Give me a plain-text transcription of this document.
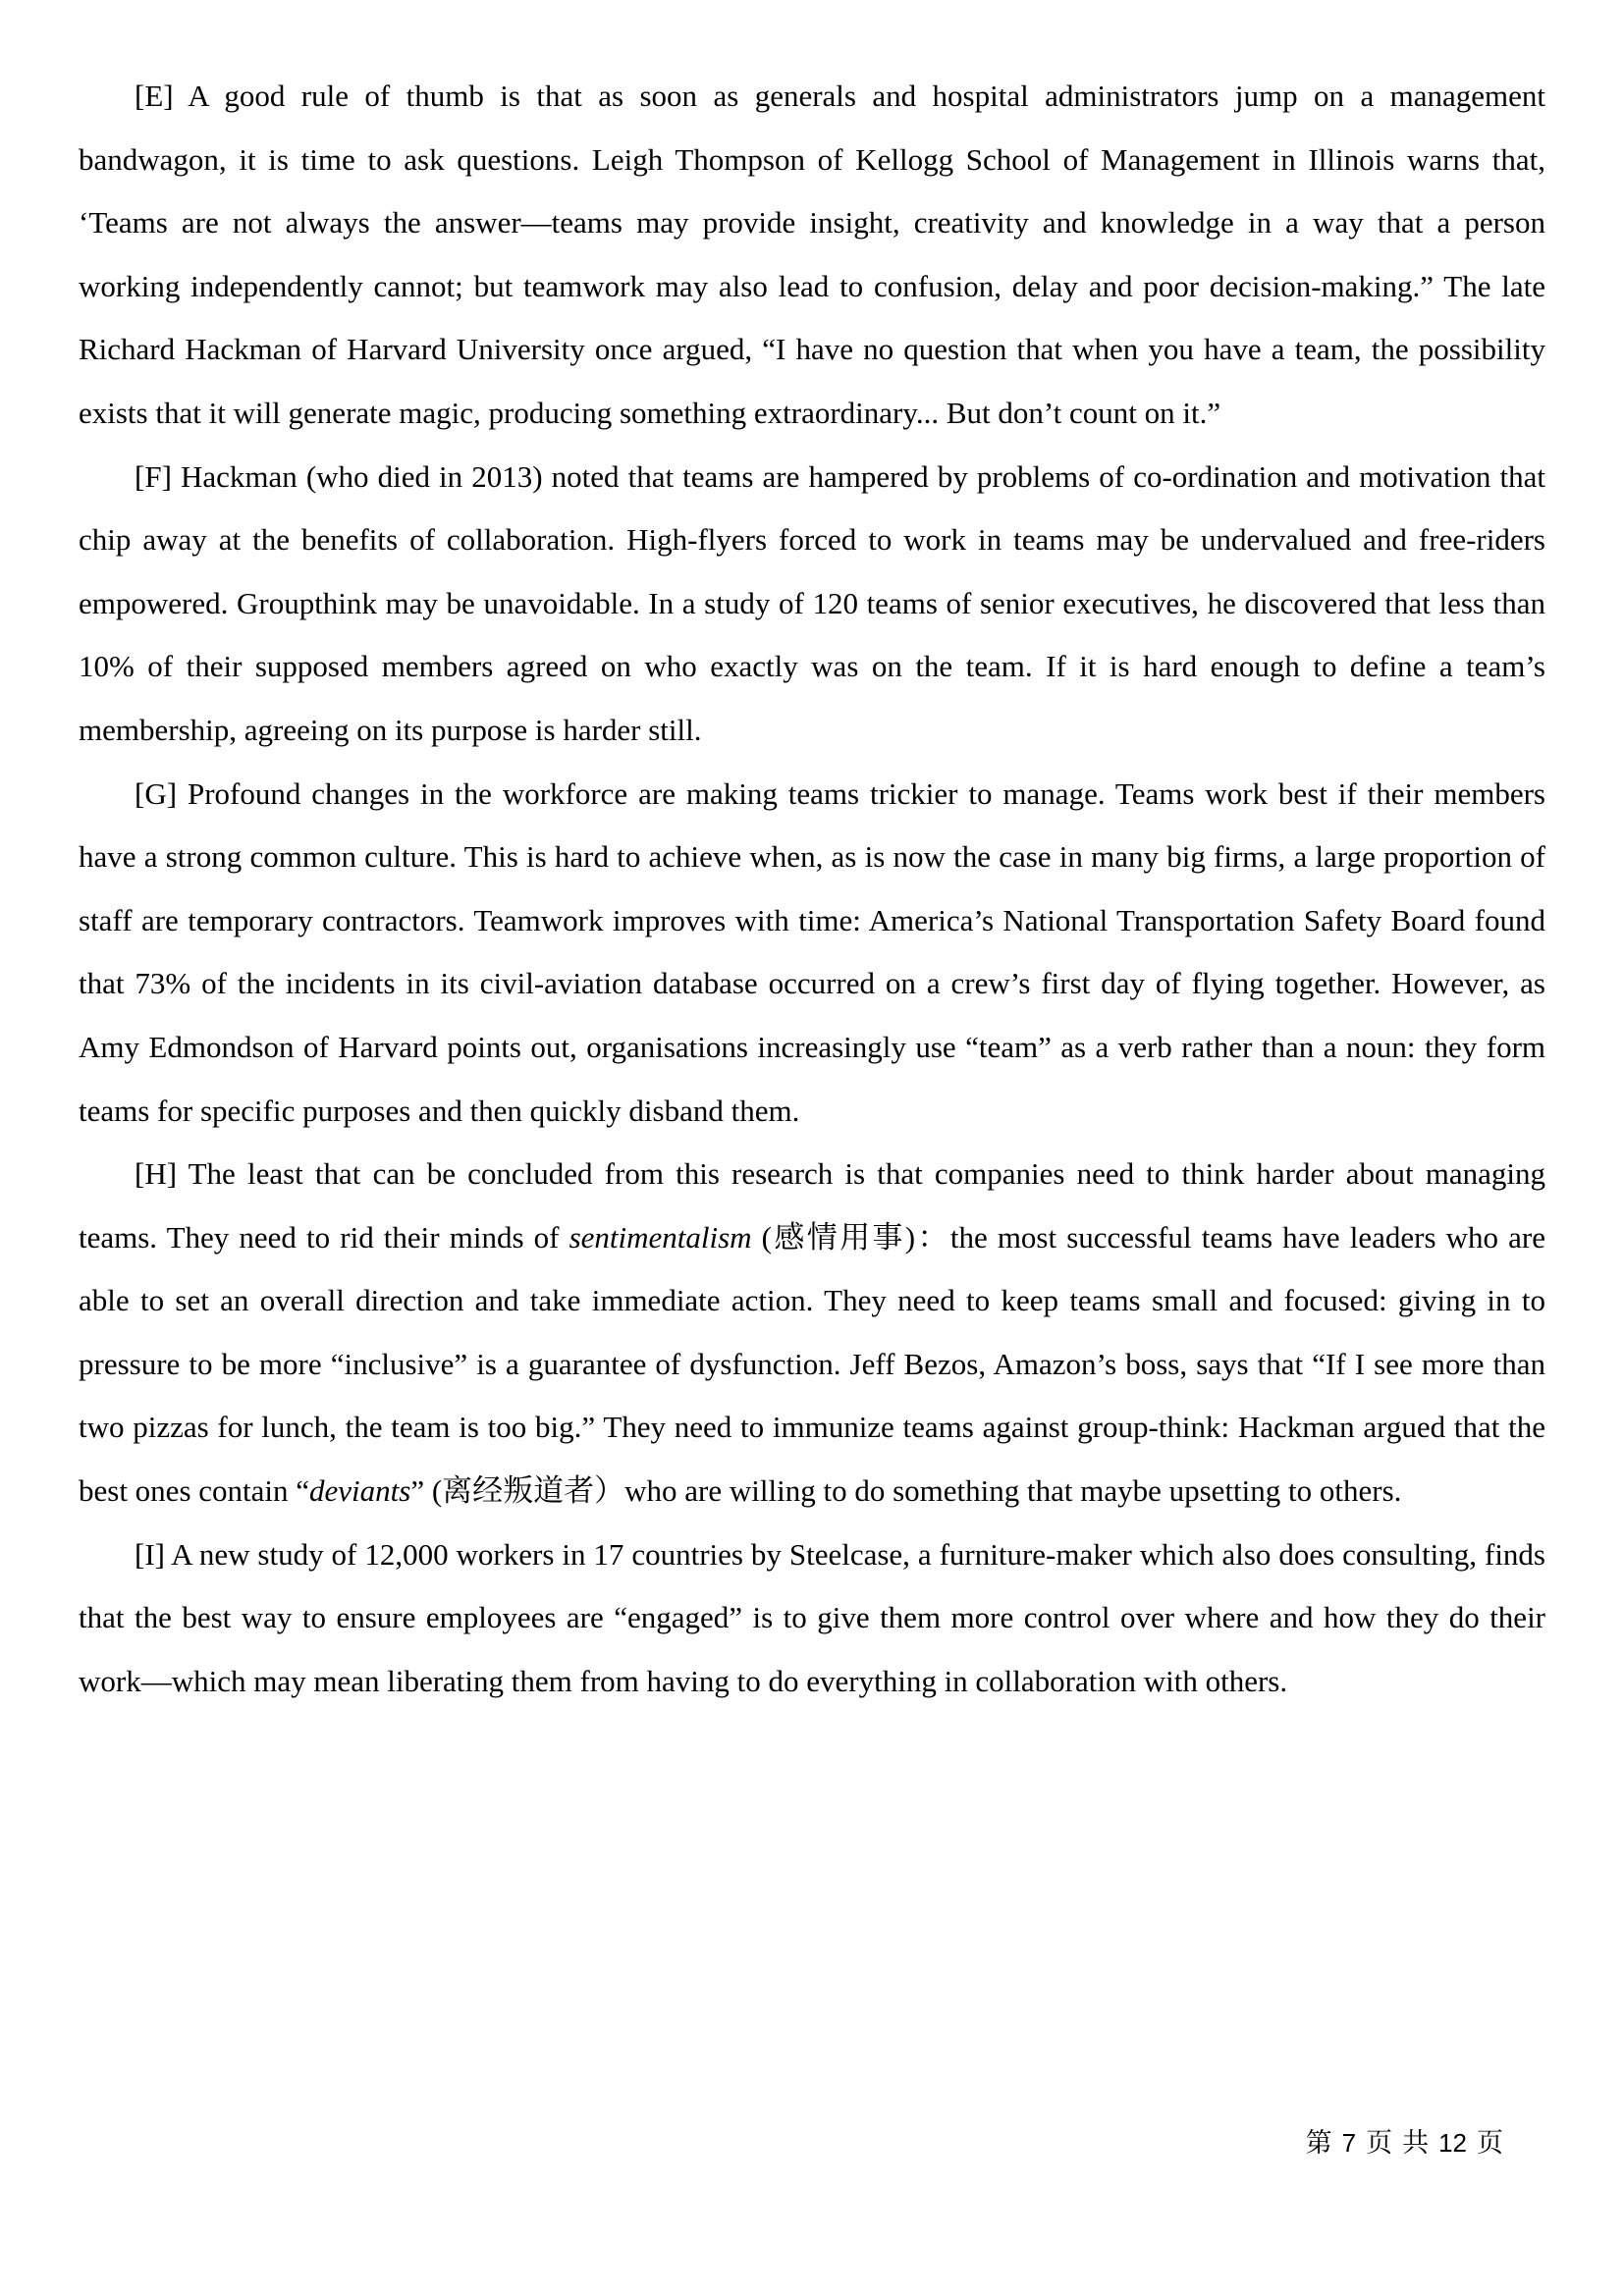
[E] A good rule of thumb is that as soon as generals and hospital administrators jump on a management bandwagon, it is time to ask questions. Leigh Thompson of Kellogg School of Management in Illinois warns that, ‘Teams are not always the answer—teams may provide insight, creativity and knowledge in a way that a person working independently cannot; but teamwork may also lead to confusion, delay and poor decision-making.” The late Richard Hackman of Harvard University once argued, “I have no question that when you have a team, the possibility exists that it will generate magic, producing something extraordinary... But don’t count on it.”

[F] Hackman (who died in 2013) noted that teams are hampered by problems of co-ordination and motivation that chip away at the benefits of collaboration. High-flyers forced to work in teams may be undervalued and free-riders empowered. Groupthink may be unavoidable. In a study of 120 teams of senior executives, he discovered that less than 10% of their supposed members agreed on who exactly was on the team. If it is hard enough to define a team’s membership, agreeing on its purpose is harder still.

[G] Profound changes in the workforce are making teams trickier to manage. Teams work best if their members have a strong common culture. This is hard to achieve when, as is now the case in many big firms, a large proportion of staff are temporary contractors. Teamwork improves with time: America’s National Transportation Safety Board found that 73% of the incidents in its civil-aviation database occurred on a crew’s first day of flying together. However, as Amy Edmondson of Harvard points out, organisations increasingly use “team” as a verb rather than a noun: they form teams for specific purposes and then quickly disband them.

[H] The least that can be concluded from this research is that companies need to think harder about managing teams. They need to rid their minds of sentimentalism (感情用事)：the most successful teams have leaders who are able to set an overall direction and take immediate action. They need to keep teams small and focused: giving in to pressure to be more “inclusive” is a guarantee of dysfunction. Jeff Bezos, Amazon’s boss, says that “If I see more than two pizzas for lunch, the team is too big.” They need to immunize teams against group-think: Hackman argued that the best ones contain “deviants” (离经叛道者）who are willing to do something that maybe upsetting to others.

[I] A new study of 12,000 workers in 17 countries by Steelcase, a furniture-maker which also does consulting, finds that the best way to ensure employees are “engaged” is to give them more control over where and how they do their work—which may mean liberating them from having to do everything in collaboration with others.

第 7 页 共 12 页
